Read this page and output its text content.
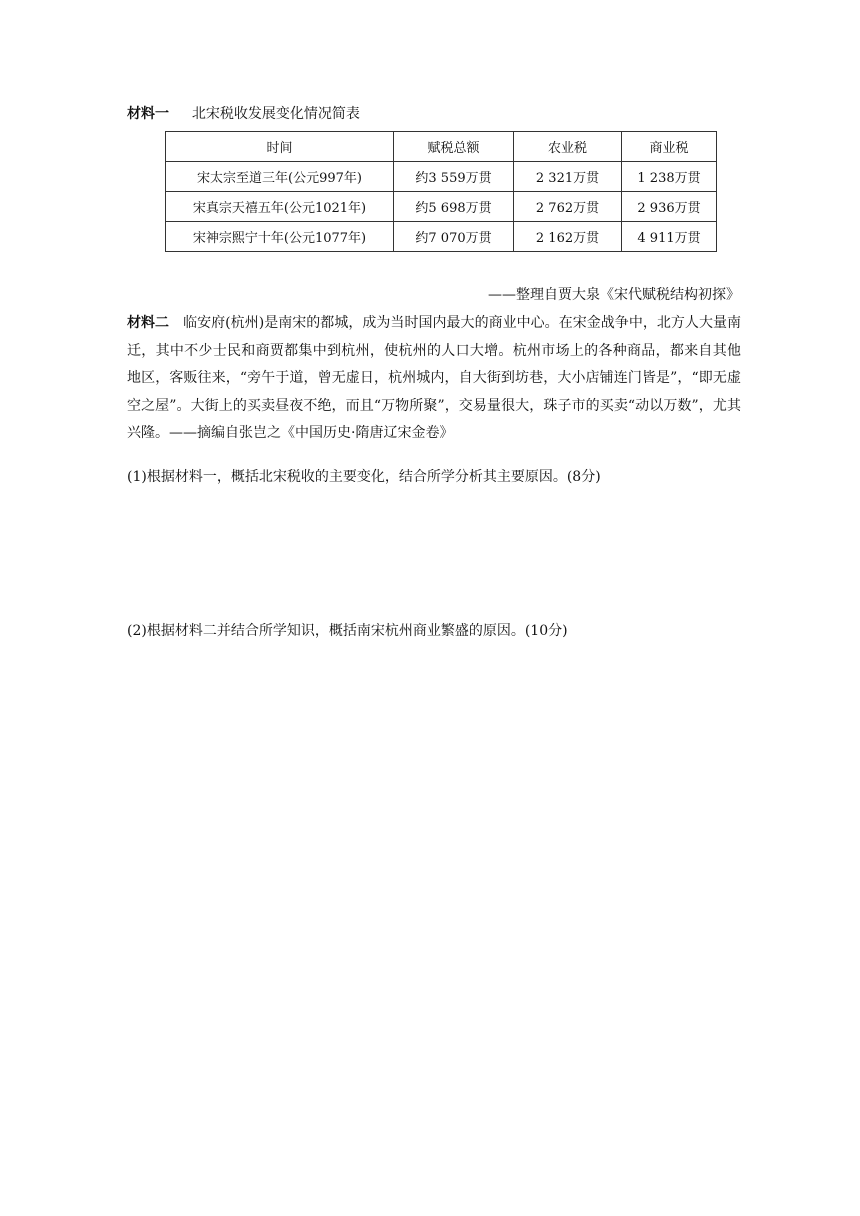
材料一 北宋税收发展变化情况简表
时间	赋税总额	农业税	商业税
宋太宗至道三年(公元997年)	约3 559万贯	2 321万贯	1 238万贯
宋真宗天禧五年(公元1021年)	约5 698万贯	2 762万贯	2 936万贯
宋神宗熙宁十年(公元1077年)	约7 070万贯	2 162万贯	4 911万贯
——整理自贾大泉《宋代赋税结构初探》
材料二 临安府(杭州)是南宋的都城，成为当时国内最大的商业中心。在宋金战争中，北方人大量南迁，其中不少士民和商贾都集中到杭州，使杭州的人口大增。杭州市场上的各种商品，都来自其他地区，客贩往来，“旁午于道，曾无虚日，杭州城内，自大街到坊巷，大小店铺连门皆是”，“即无虚空之屋”。大街上的买卖昼夜不绝，而且“万物所聚”，交易量很大，珠子市的买卖“动以万数”，尤其兴隆。——摘编自张岂之《中国历史·隋唐辽宋金卷》
(1)根据材料一，概括北宋税收的主要变化，结合所学分析其主要原因。(8分)
(2)根据材料二并结合所学知识，概括南宋杭州商业繁盛的原因。(10分)
